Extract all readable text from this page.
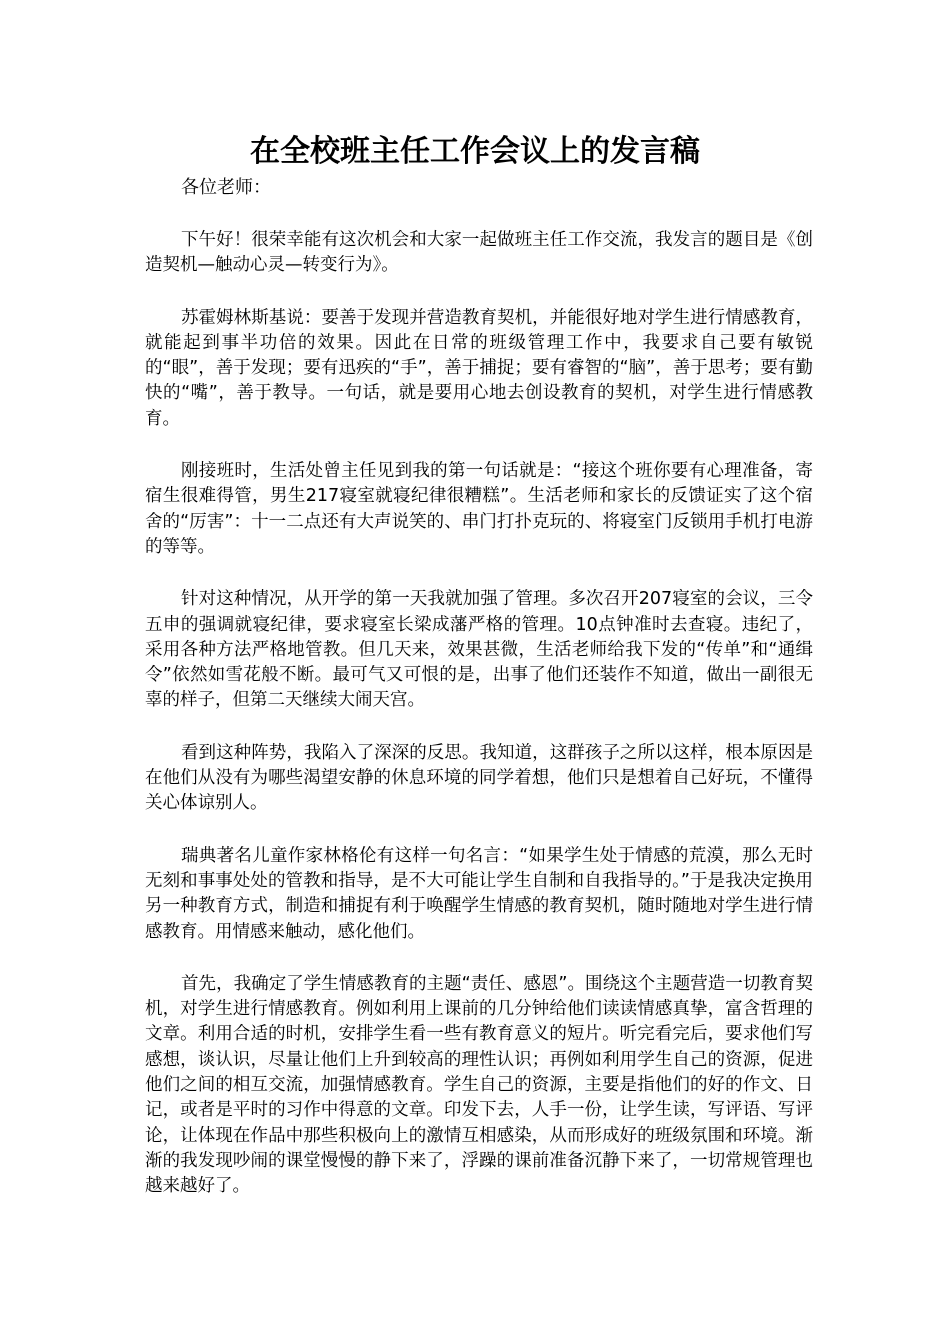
在全校班主任工作会议上的发言稿

各位老师：

下午好！很荣幸能有这次机会和大家一起做班主任工作交流，我发言的题目是《创造契机—触动心灵—转变行为》。

苏霍姆林斯基说：要善于发现并营造教育契机，并能很好地对学生进行情感教育，就能起到事半功倍的效果。因此在日常的班级管理工作中，我要求自己要有敏锐的“眼”，善于发现；要有迅疾的“手”，善于捕捉；要有睿智的“脑”，善于思考；要有勤快的“嘴”，善于教导。一句话，就是要用心地去创设教育的契机，对学生进行情感教育。

刚接班时，生活处曾主任见到我的第一句话就是：“接这个班你要有心理准备，寄宿生很难得管，男生217寝室就寝纪律很糟糕”。生活老师和家长的反馈证实了这个宿舍的“厉害”：十一二点还有大声说笑的、串门打扑克玩的、将寝室门反锁用手机打电游的等等。

针对这种情况，从开学的第一天我就加强了管理。多次召开207寝室的会议，三令五申的强调就寝纪律，要求寝室长梁成藩严格的管理。10点钟准时去查寝。违纪了，采用各种方法严格地管教。但几天来，效果甚微，生活老师给我下发的“传单”和“通缉令”依然如雪花般不断。最可气又可恨的是，出事了他们还装作不知道，做出一副很无辜的样子，但第二天继续大闹天宫。

看到这种阵势，我陷入了深深的反思。我知道，这群孩子之所以这样，根本原因是在他们从没有为哪些渴望安静的休息环境的同学着想，他们只是想着自己好玩，不懂得关心体谅别人。

瑞典著名儿童作家林格伦有这样一句名言：“如果学生处于情感的荒漠，那么无时无刻和事事处处的管教和指导，是不大可能让学生自制和自我指导的。”于是我决定换用另一种教育方式，制造和捕捉有利于唤醒学生情感的教育契机，随时随地对学生进行情感教育。用情感来触动，感化他们。

首先，我确定了学生情感教育的主题“责任、感恩”。围绕这个主题营造一切教育契机，对学生进行情感教育。例如利用上课前的几分钟给他们读读情感真挚，富含哲理的文章。利用合适的时机，安排学生看一些有教育意义的短片。听完看完后，要求他们写感想，谈认识，尽量让他们上升到较高的理性认识；再例如利用学生自己的资源，促进他们之间的相互交流，加强情感教育。学生自己的资源，主要是指他们的好的作文、日记，或者是平时的习作中得意的文章。印发下去，人手一份，让学生读，写评语、写评论，让体现在作品中那些积极向上的激情互相感染，从而形成好的班级氛围和环境。渐渐的我发现吵闹的课堂慢慢的静下来了，浮躁的课前准备沉静下来了，一切常规管理也越来越好了。
